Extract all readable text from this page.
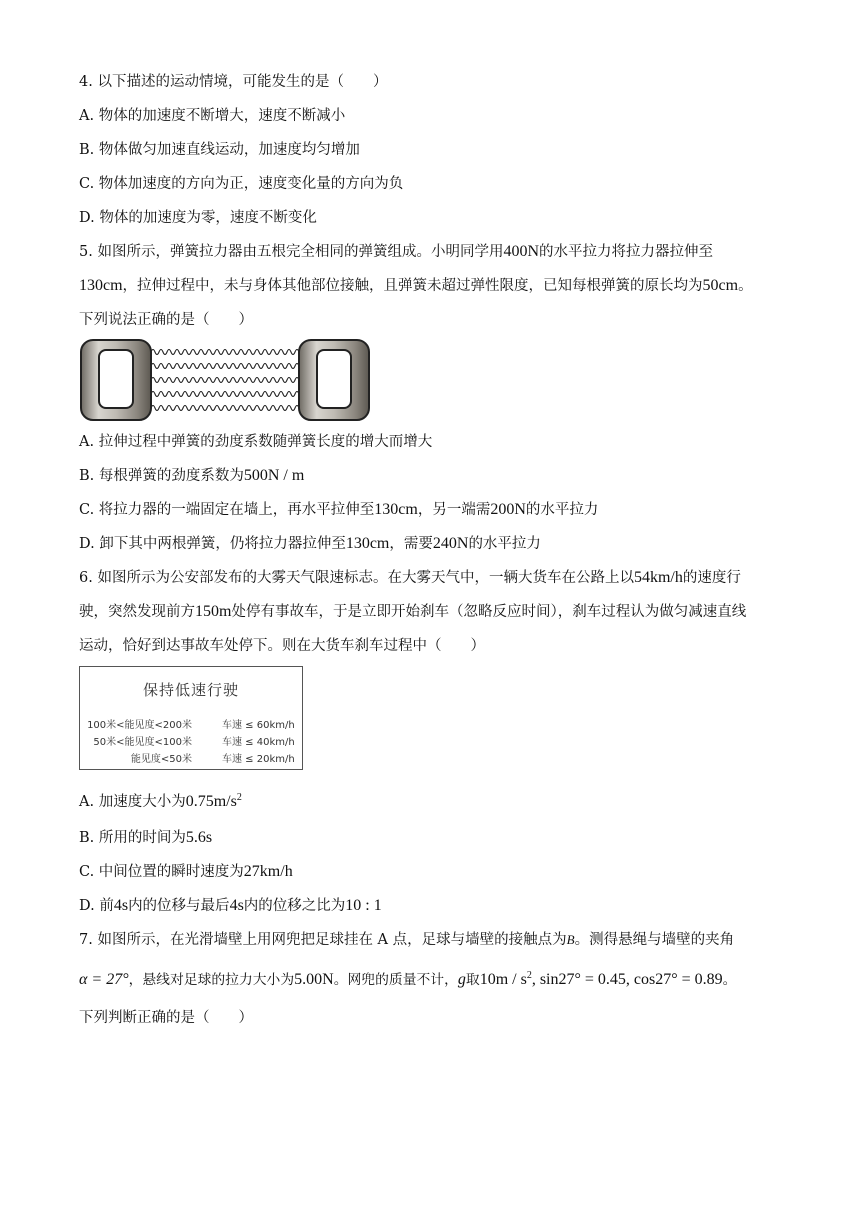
4. 以下描述的运动情境，可能发生的是（　　）
A. 物体的加速度不断增大，速度不断减小
B. 物体做匀加速直线运动，加速度均匀增加
C. 物体加速度的方向为正，速度变化量的方向为负
D. 物体的加速度为零，速度不断变化
5. 如图所示，弹簧拉力器由五根完全相同的弹簧组成。小明同学用400N的水平拉力将拉力器拉伸至
130cm，拉伸过程中，未与身体其他部位接触，且弹簧未超过弹性限度，已知每根弹簧的原长均为50cm。
下列说法正确的是（　　）
A. 拉伸过程中弹簧的劲度系数随弹簧长度的增大而增大
B. 每根弹簧的劲度系数为500N / m
C. 将拉力器的一端固定在墙上，再水平拉伸至130cm，另一端需200N的水平拉力
D. 卸下其中两根弹簧，仍将拉力器拉伸至130cm，需要240N的水平拉力
6. 如图所示为公安部发布的大雾天气限速标志。在大雾天气中，一辆大货车在公路上以54km/h的速度行
驶，突然发现前方150m处停有事故车，于是立即开始刹车（忽略反应时间），刹车过程认为做匀减速直线
运动，恰好到达事故车处停下。则在大货车刹车过程中（　　）
保持低速行驶
100米<能见度<200米	车速 ≤ 60km/h
50米<能见度<100米	车速 ≤ 40km/h
能见度<50米	车速 ≤ 20km/h
A. 加速度大小为$0.75m/s^2$
B. 所用的时间为5.6s
C. 中间位置的瞬时速度为27km/h
D. 前4s内的位移与最后4s内的位移之比为10 : 1
7. 如图所示，在光滑墙壁上用网兜把足球挂在 A 点，足球与墙壁的接触点为B。测得悬绳与墙壁的夹角
α = 27°，悬线对足球的拉力大小为5.00N。网兜的质量不计，g取$10m / s^2$, sin27° = 0.45, cos27° = 0.89。
下列判断正确的是（　　）
